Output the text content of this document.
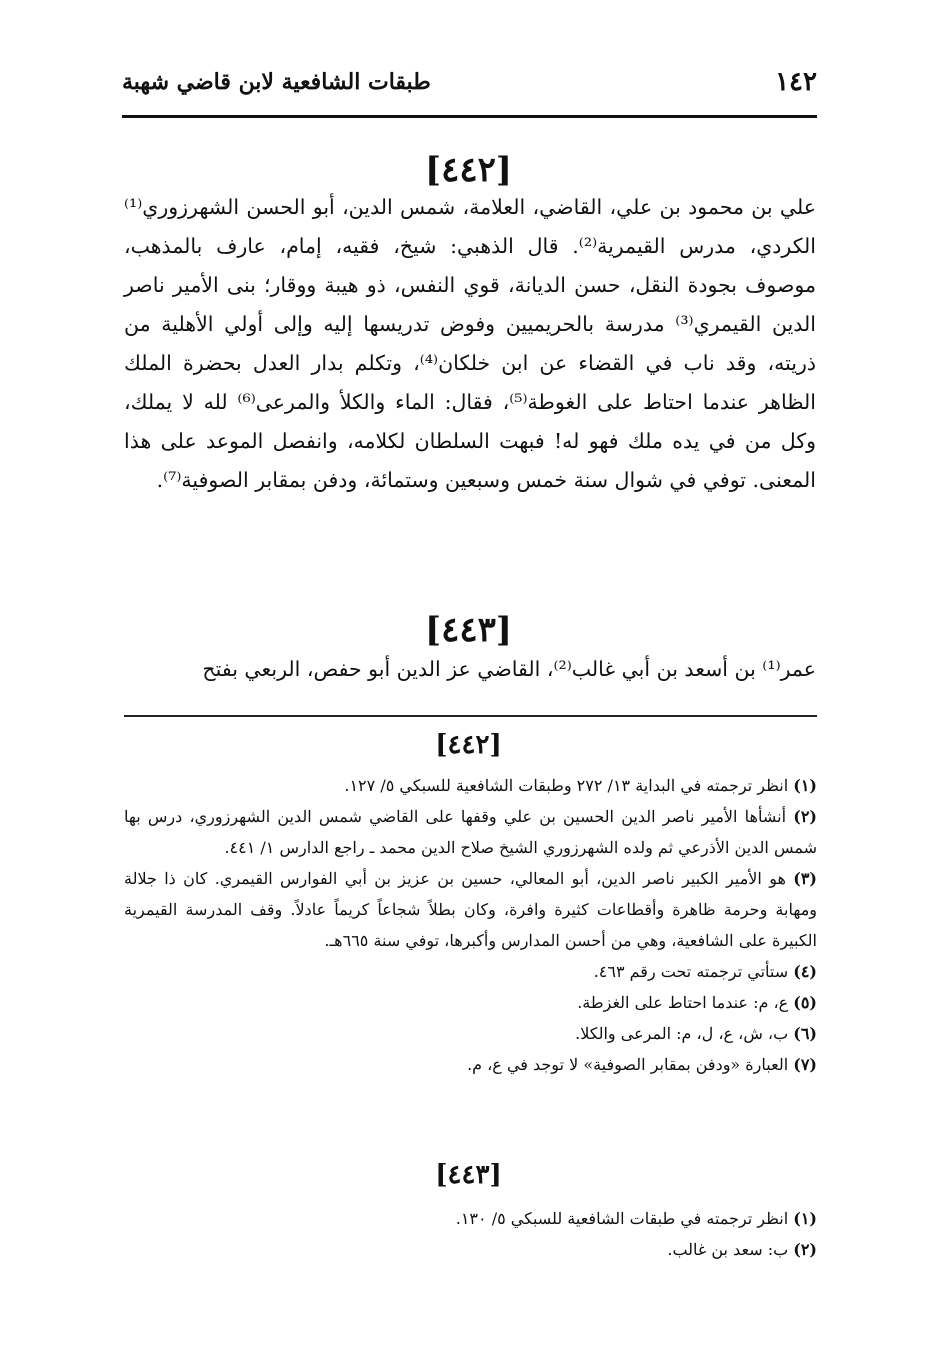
١٤٢
طبقات الشافعية لابن قاضي شهبة
[٤٤٢]

علي بن محمود بن علي، القاضي، العلامة، شمس الدين، أبو الحسن الشهرزوري⁽¹⁾ الكردي، مدرس القيمرية⁽²⁾. قال الذهبي: شيخ، فقيه، إمام، عارف بالمذهب، موصوف بجودة النقل، حسن الديانة، قوي النفس، ذو هيبة ووقار؛ بنى الأمير ناصر الدين القيمري⁽³⁾ مدرسة بالحريميين وفوض تدريسها إليه وإلى أولي الأهلية من ذريته، وقد ناب في القضاء عن ابن خلكان⁽⁴⁾، وتكلم بدار العدل بحضرة الملك الظاهر عندما احتاط على الغوطة⁽⁵⁾، فقال: الماء والكلأ والمرعى⁽⁶⁾ لله لا يملك، وكل من في يده ملك فهو له! فبهت السلطان لكلامه، وانفصل الموعد على هذا المعنى. توفي في شوال سنة خمس وسبعين وستمائة، ودفن بمقابر الصوفية⁽⁷⁾.

[٤٤٣]

عمر⁽¹⁾ بن أسعد بن أبي غالب⁽²⁾، القاضي عز الدين أبو حفص، الربعي بفتح

[٤٤٢]

(١) انظر ترجمته في البداية ١٣/ ٢٧٢ وطبقات الشافعية للسبكي ٥/ ١٢٧.

(٢) أنشأها الأمير ناصر الدين الحسين بن علي وقفها على القاضي شمس الدين الشهرزوري، درس بها شمس الدين الأذرعي ثم ولده الشهرزوري الشيخ صلاح الدين محمد ـ راجع الدارس ١/ ٤٤١.

(٣) هو الأمير الكبير ناصر الدين، أبو المعالي، حسين بن عزيز بن أبي الفوارس القيمري. كان ذا جلالة ومهابة وحرمة ظاهرة وأقطاعات كثيرة وافرة، وكان بطلاً شجاعاً كريماً عادلاً. وقف المدرسة القيمرية الكبيرة على الشافعية، وهي من أحسن المدارس وأكبرها، توفي سنة ٦٦٥هـ.

(٤) ستأتي ترجمته تحت رقم ٤٦٣.

(٥) ع، م: عندما احتاط على الغزطة.

(٦) ب، ش، ع، ل، م: المرعى والكلا.

(٧) العبارة «ودفن بمقابر الصوفية» لا توجد في ع، م.

[٤٤٣]

(١) انظر ترجمته في طبقات الشافعية للسبكي ٥/ ١٣٠.

(٢) ب: سعد بن غالب.
